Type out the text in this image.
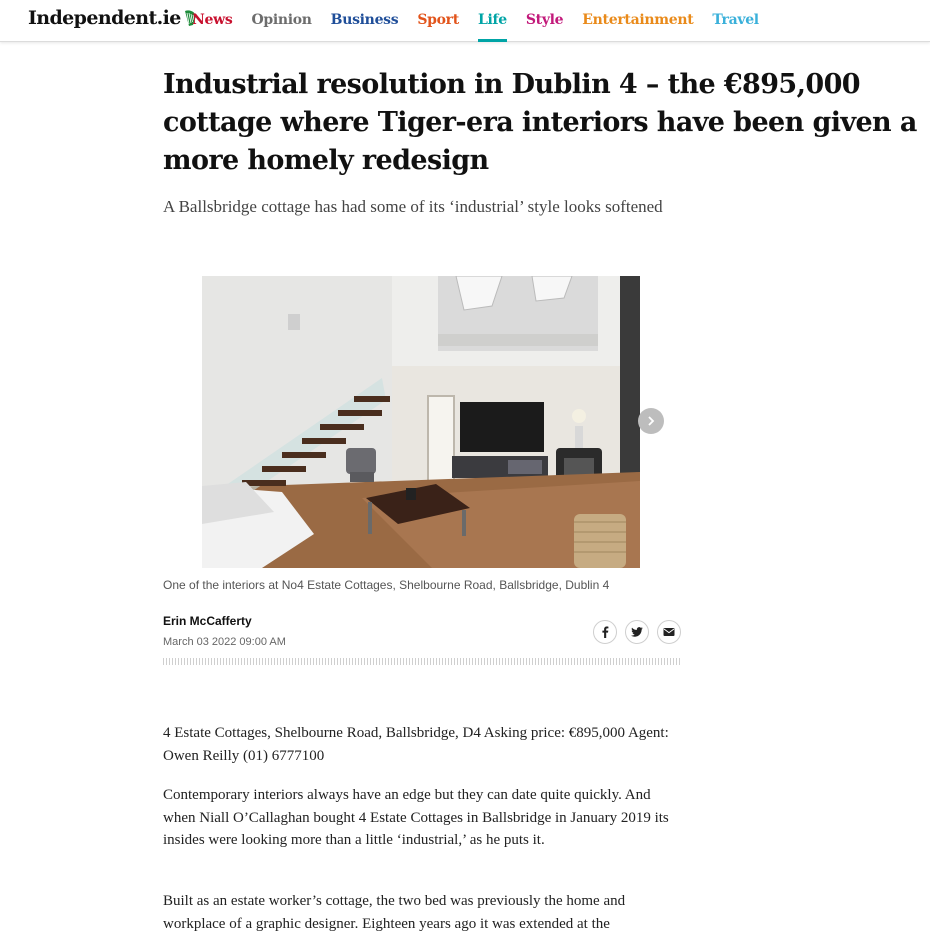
Independent.ie News Opinion Business Sport Life Style Entertainment Travel
Industrial resolution in Dublin 4 – the €895,000 cottage where Tiger-era interiors have been given a more homely redesign

A Ballsbridge cottage has had some of its ‘industrial’ style looks softened

One of the interiors at No4 Estate Cottages, Shelbourne Road, Ballsbridge, Dublin 4

Erin McCafferty
March 03 2022 09:00 AM

4 Estate Cottages, Shelbourne Road, Ballsbridge, D4 Asking price: €895,000 Agent: Owen Reilly (01) 6777100

Contemporary interiors always have an edge but they can date quite quickly. And when Niall O’Callaghan bought 4 Estate Cottages in Ballsbridge in January 2019 its insides were looking more than a little ‘industrial,’ as he puts it.

Built as an estate worker’s cottage, the two bed was previously the home and workplace of a graphic designer. Eighteen years ago it was extended at the
